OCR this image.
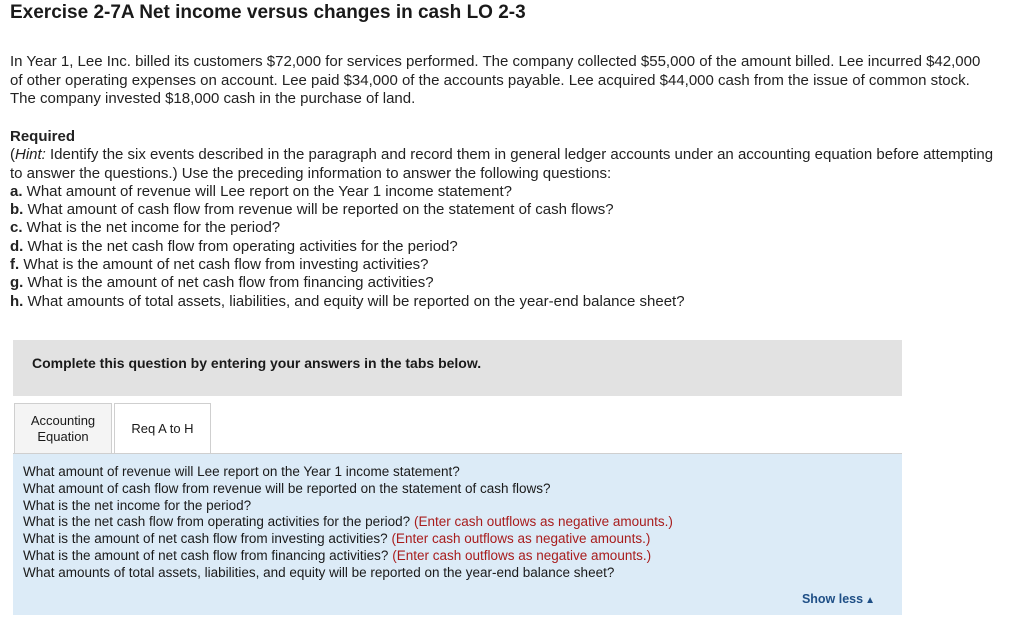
Exercise 2-7A Net income versus changes in cash LO 2-3

In Year 1, Lee Inc. billed its customers $72,000 for services performed. The company collected $55,000 of the amount billed. Lee incurred $42,000 of other operating expenses on account. Lee paid $34,000 of the accounts payable. Lee acquired $44,000 cash from the issue of common stock. The company invested $18,000 cash in the purchase of land.

Required
(Hint: Identify the six events described in the paragraph and record them in general ledger accounts under an accounting equation before attempting to answer the questions.) Use the preceding information to answer the following questions:
a. What amount of revenue will Lee report on the Year 1 income statement?
b. What amount of cash flow from revenue will be reported on the statement of cash flows?
c. What is the net income for the period?
d. What is the net cash flow from operating activities for the period?
f. What is the amount of net cash flow from investing activities?
g. What is the amount of net cash flow from financing activities?
h. What amounts of total assets, liabilities, and equity will be reported on the year-end balance sheet?
Complete this question by entering your answers in the tabs below.
Accounting
Equation
Req A to H
What amount of revenue will Lee report on the Year 1 income statement?
What amount of cash flow from revenue will be reported on the statement of cash flows?
What is the net income for the period?
What is the net cash flow from operating activities for the period? (Enter cash outflows as negative amounts.)
What is the amount of net cash flow from investing activities? (Enter cash outflows as negative amounts.)
What is the amount of net cash flow from financing activities? (Enter cash outflows as negative amounts.)
What amounts of total assets, liabilities, and equity will be reported on the year-end balance sheet?
Show less ▲
